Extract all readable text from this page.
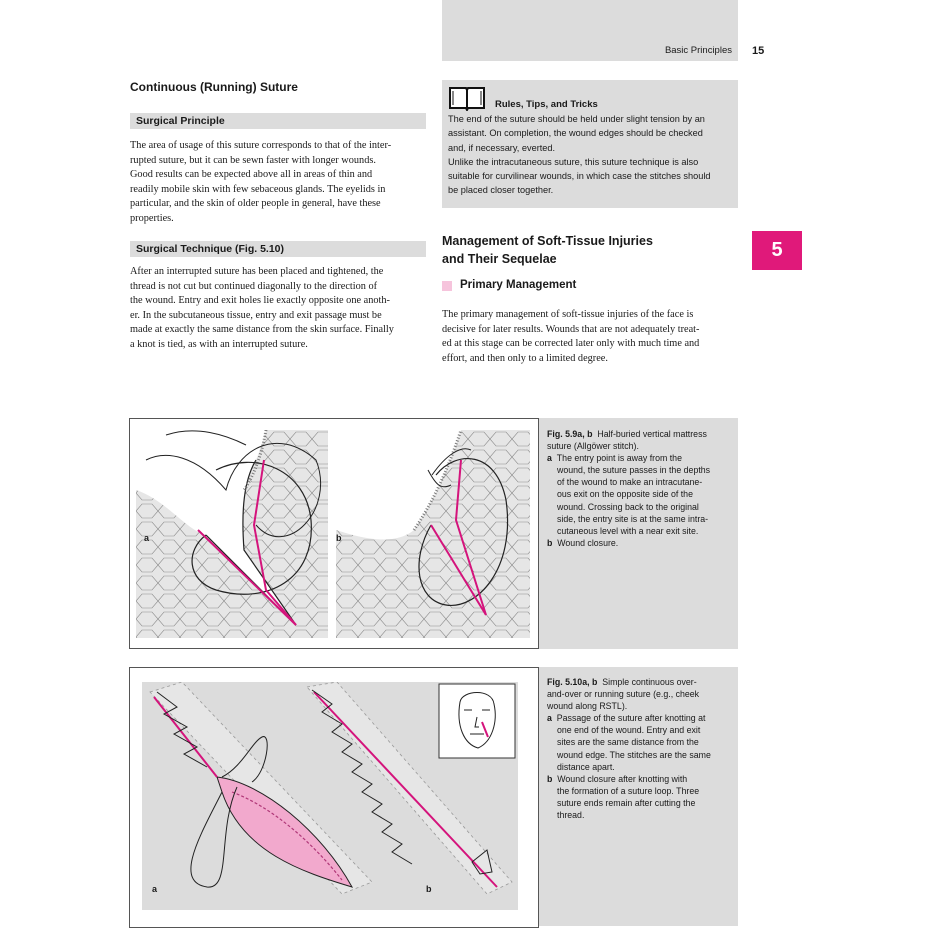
Basic Principles 15
Continuous (Running) Suture
Surgical Principle
The area of usage of this suture corresponds to that of the inter-
rupted suture, but it can be sewn faster with longer wounds.
Good results can be expected above all in areas of thin and
readily mobile skin with few sebaceous glands. The eyelids in
particular, and the skin of older people in general, have these
properties.
Surgical Technique (Fig. 5.10)
After an interrupted suture has been placed and tightened, the
thread is not cut but continued diagonally to the direction of
the wound. Entry and exit holes lie exactly opposite one anoth-
er. In the subcutaneous tissue, entry and exit passage must be
made at exactly the same distance from the skin surface. Finally
a knot is tied, as with an interrupted suture.
Rules, Tips, and Tricks
The end of the suture should be held under slight tension by an
assistant. On completion, the wound edges should be checked
and, if necessary, everted.
Unlike the intracutaneous suture, this suture technique is also
suitable for curvilinear wounds, in which case the stitches should
be placed closer together.
Management of Soft-Tissue Injuries
and Their Sequelae
Primary Management
The primary management of soft-tissue injuries of the face is
decisive for later results. Wounds that are not adequately treat-
ed at this stage can be corrected later only with much time and
effort, and then only to a limited degree.
5
a	b
Fig. 5.9a, b Half-buried vertical mattress
suture (Allgöwer stitch).
a The entry point is away from the
wound, the suture passes in the depths
of the wound to make an intracutane-
ous exit on the opposite side of the
wound. Crossing back to the original
side, the entry site is at the same intra-
cutaneous level with a near exit site.
b Wound closure.
a	b
Fig. 5.10a, b Simple continuous over-
and-over or running suture (e.g., cheek
wound along RSTL).
a Passage of the suture after knotting at
one end of the wound. Entry and exit
sites are the same distance from the
wound edge. The stitches are the same
distance apart.
b Wound closure after knotting with
the formation of a suture loop. Three
suture ends remain after cutting the
thread.
